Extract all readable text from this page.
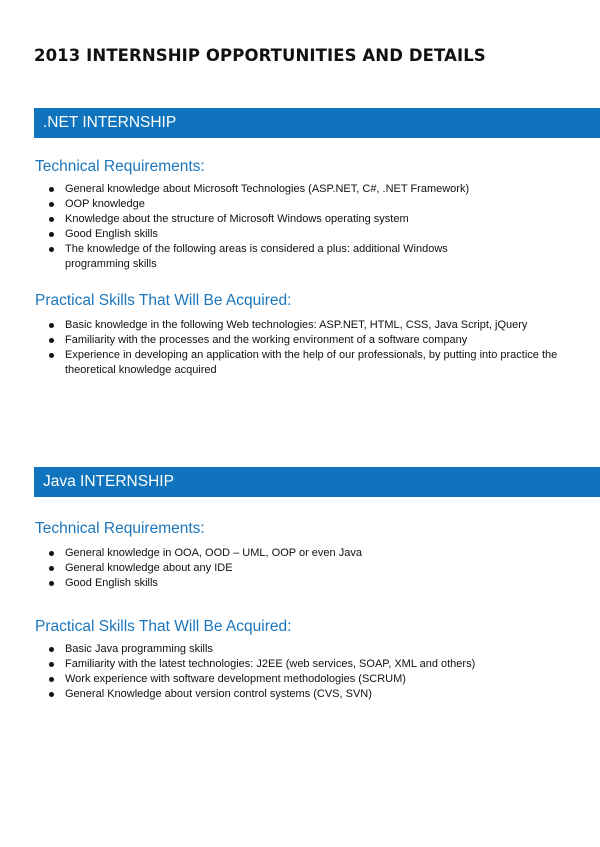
2013 INTERNSHIP OPPORTUNITIES AND DETAILS
.NET INTERNSHIP
Technical Requirements:
General knowledge about Microsoft Technologies (ASP.NET, C#, .NET Framework)
OOP knowledge
Knowledge about the structure of Microsoft Windows operating system
Good English skills
The knowledge of the following areas is considered a plus: additional Windows programming skills
Practical Skills That Will Be Acquired:
Basic knowledge in the following Web technologies: ASP.NET, HTML, CSS, Java Script, jQuery
Familiarity with the processes and the working environment of a software company
Experience in developing an application with the help of our professionals, by putting into practice the theoretical knowledge acquired
Java INTERNSHIP
Technical Requirements:
General knowledge in OOA, OOD – UML, OOP or even Java
General knowledge about any IDE
Good English skills
Practical Skills That Will Be Acquired:
Basic Java programming skills
Familiarity with the latest technologies: J2EE (web services, SOAP, XML and others)
Work experience with software development methodologies (SCRUM)
General Knowledge about version control systems (CVS, SVN)
